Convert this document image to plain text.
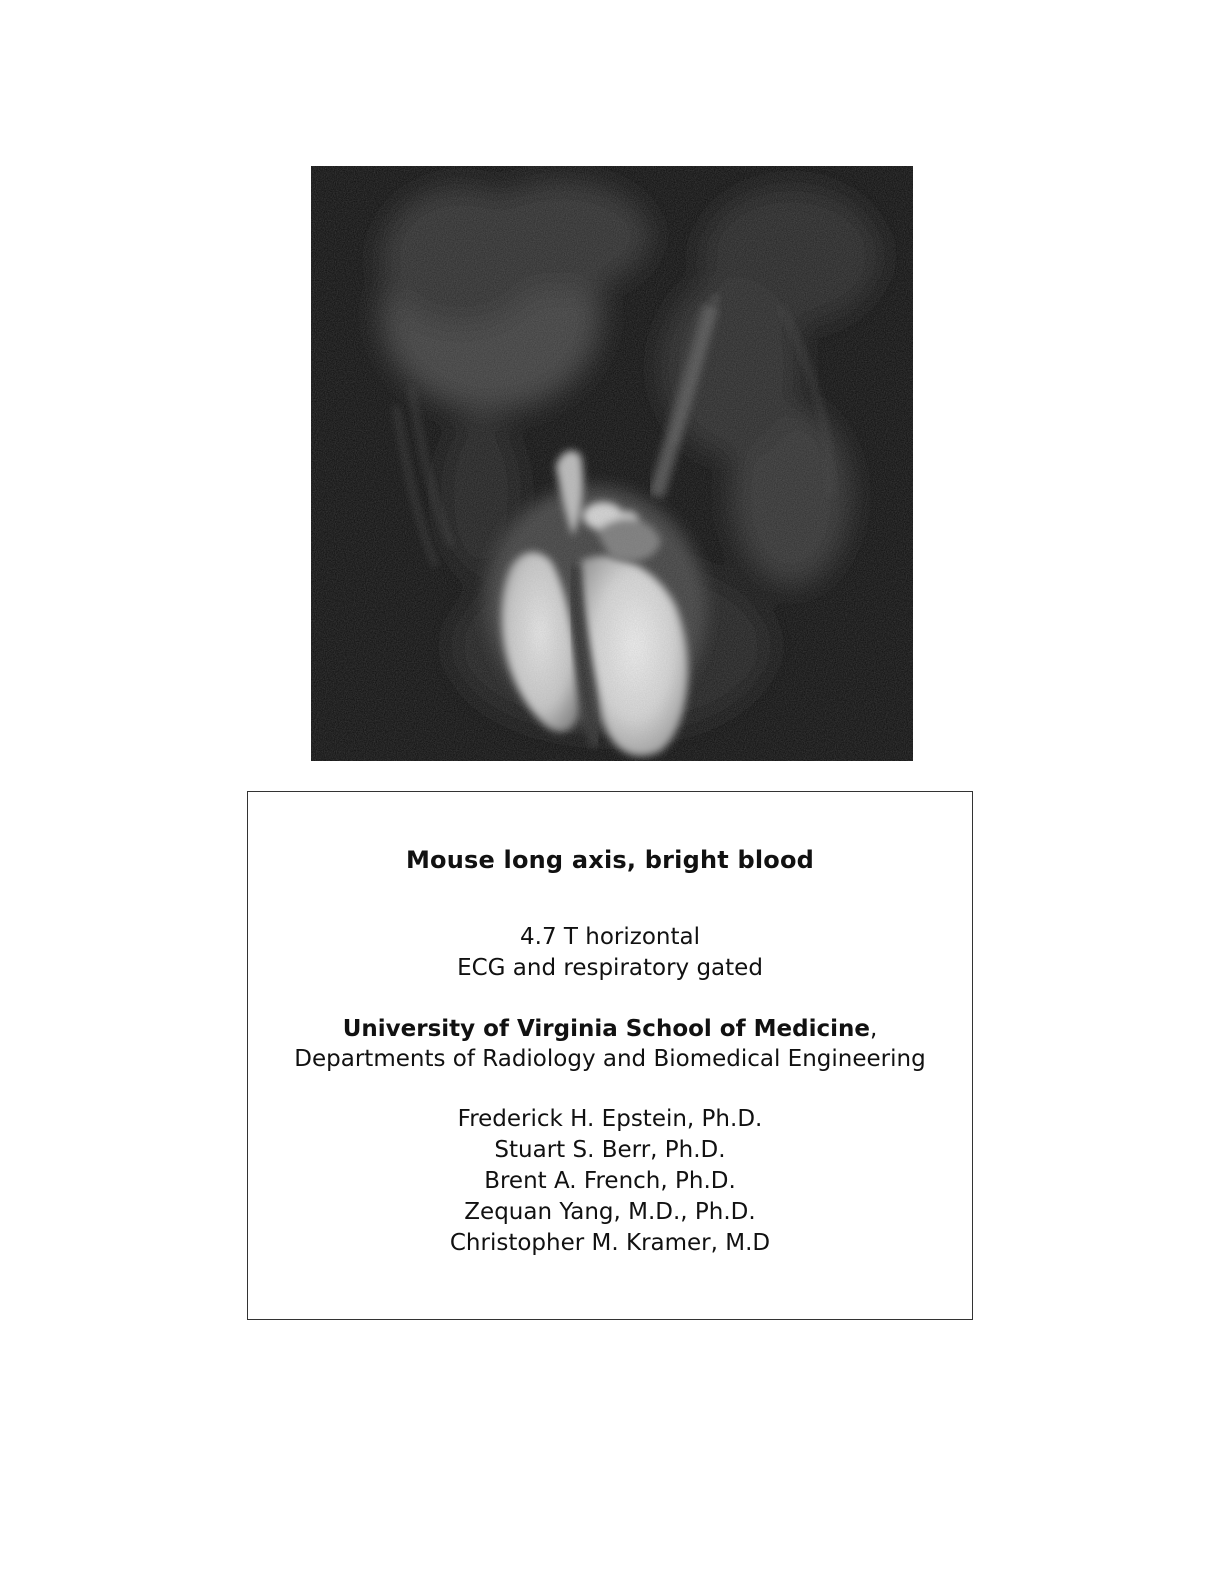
Mouse long axis, bright blood
4.7 T horizontal
ECG and respiratory gated
University of Virginia School of Medicine,
Departments of Radiology and Biomedical Engineering
Frederick H. Epstein, Ph.D.
Stuart S. Berr, Ph.D.
Brent A. French, Ph.D.
Zequan Yang, M.D., Ph.D.
Christopher M. Kramer, M.D
